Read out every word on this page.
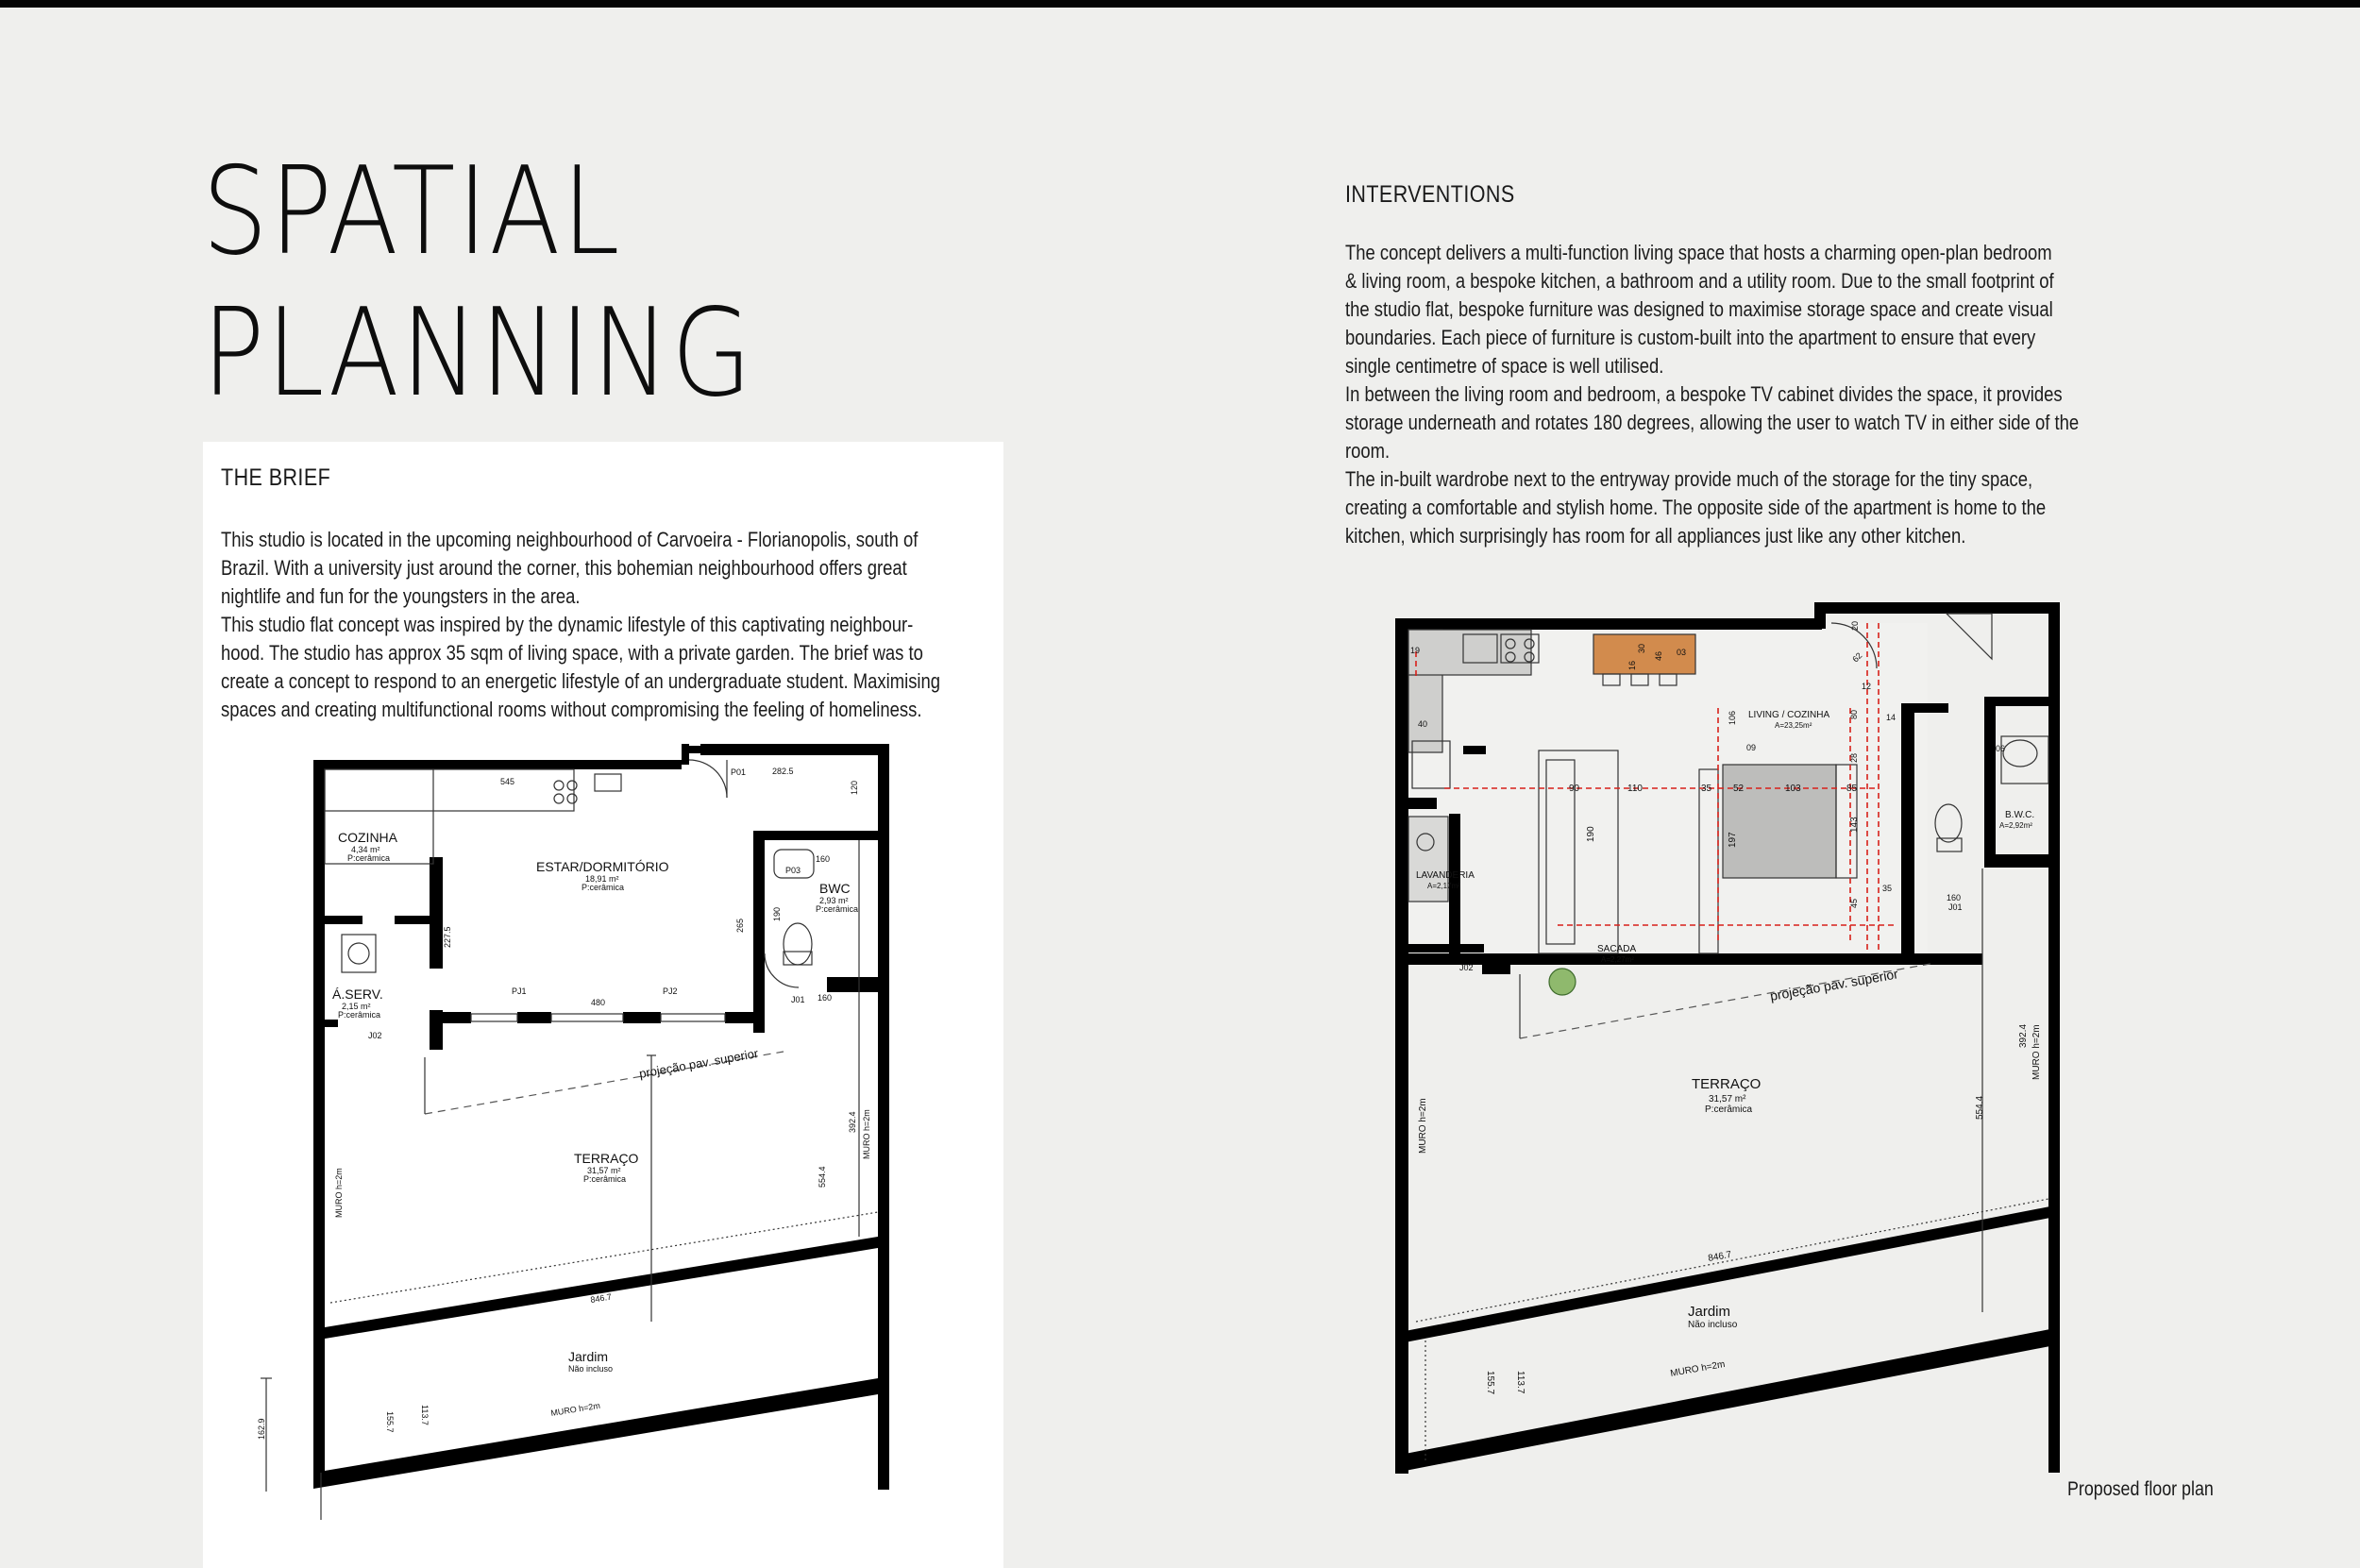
SPATIAL
PLANNING
THE BRIEF

This studio is located in the upcoming neighbourhood of Carvoeira - Florianopolis, south of

Brazil. With a university just around the corner, this bohemian neighbourhood offers great

nightlife and fun for the youngsters in the area.

This studio flat concept was inspired by the dynamic lifestyle of this captivating neighbour-

hood. The studio has approx 35 sqm of living space, with a private garden. The brief was to

create a concept to respond to an energetic lifestyle of an undergraduate student. Maximising

spaces and creating multifunctional rooms without compromising the feeling of homeliness.

INTERVENTIONS

The concept delivers a multi-function living space that hosts a charming open-plan bedroom

& living room, a bespoke kitchen, a bathroom and a utility room. Due to the small footprint of

the studio flat, bespoke furniture was designed to maximise storage space and create visual

boundaries. Each piece of furniture is custom-built into the apartment to ensure that every

single centimetre of space is well utilised.

In between the living room and bedroom, a bespoke TV cabinet divides the space, it provides

storage underneath and rotates 180 degrees, allowing the user to watch TV in either side of the

room.

The in-built wardrobe next to the entryway provide much of the storage for the tiny space,

creating a comfortable and stylish home. The opposite side of the apartment is home to the

kitchen, which surprisingly has room for all appliances just like any other kitchen.

COZINHA
4,34 m²
P:cerâmica
ESTAR/DORMITÓRIO
18,91 m²
P:cerâmica	BWC
2,93 m²
P:cerâmica
Á.SERV.
2,15 m²
P:cerâmica
TERRAÇO
31,57 m²
P:cerâmica
Jardim
Não incluso
545
282.5
120
160
190
160
265
227.5
480
392.4
554.4
846.7
113.7
155.7
162.9
projeção pav. superior
MURO h=2m
MURO h=2m
MURO h=2m
PJ1	PJ2
J01
J02
P01
P03
LIVING / COZINHA
A=23,25m²
LAVANDERIA
A=2,17m²
B.W.C.
A=2,92m²
SACADA
A=2,27m²
TERRAÇO
31,57 m²
P:cerâmica
Jardim
Não incluso
19
40
16
30
46 03
20
62
12
80	14
106
09
90	110	35 52	103	85
190	197
143
28
45
35
06
160
392.4
554.4
846.7
113.7
155.7
projeção pav. superior
MURO h=2m
MURO h=2m
MURO h=2m
J02
J01
Proposed floor plan
